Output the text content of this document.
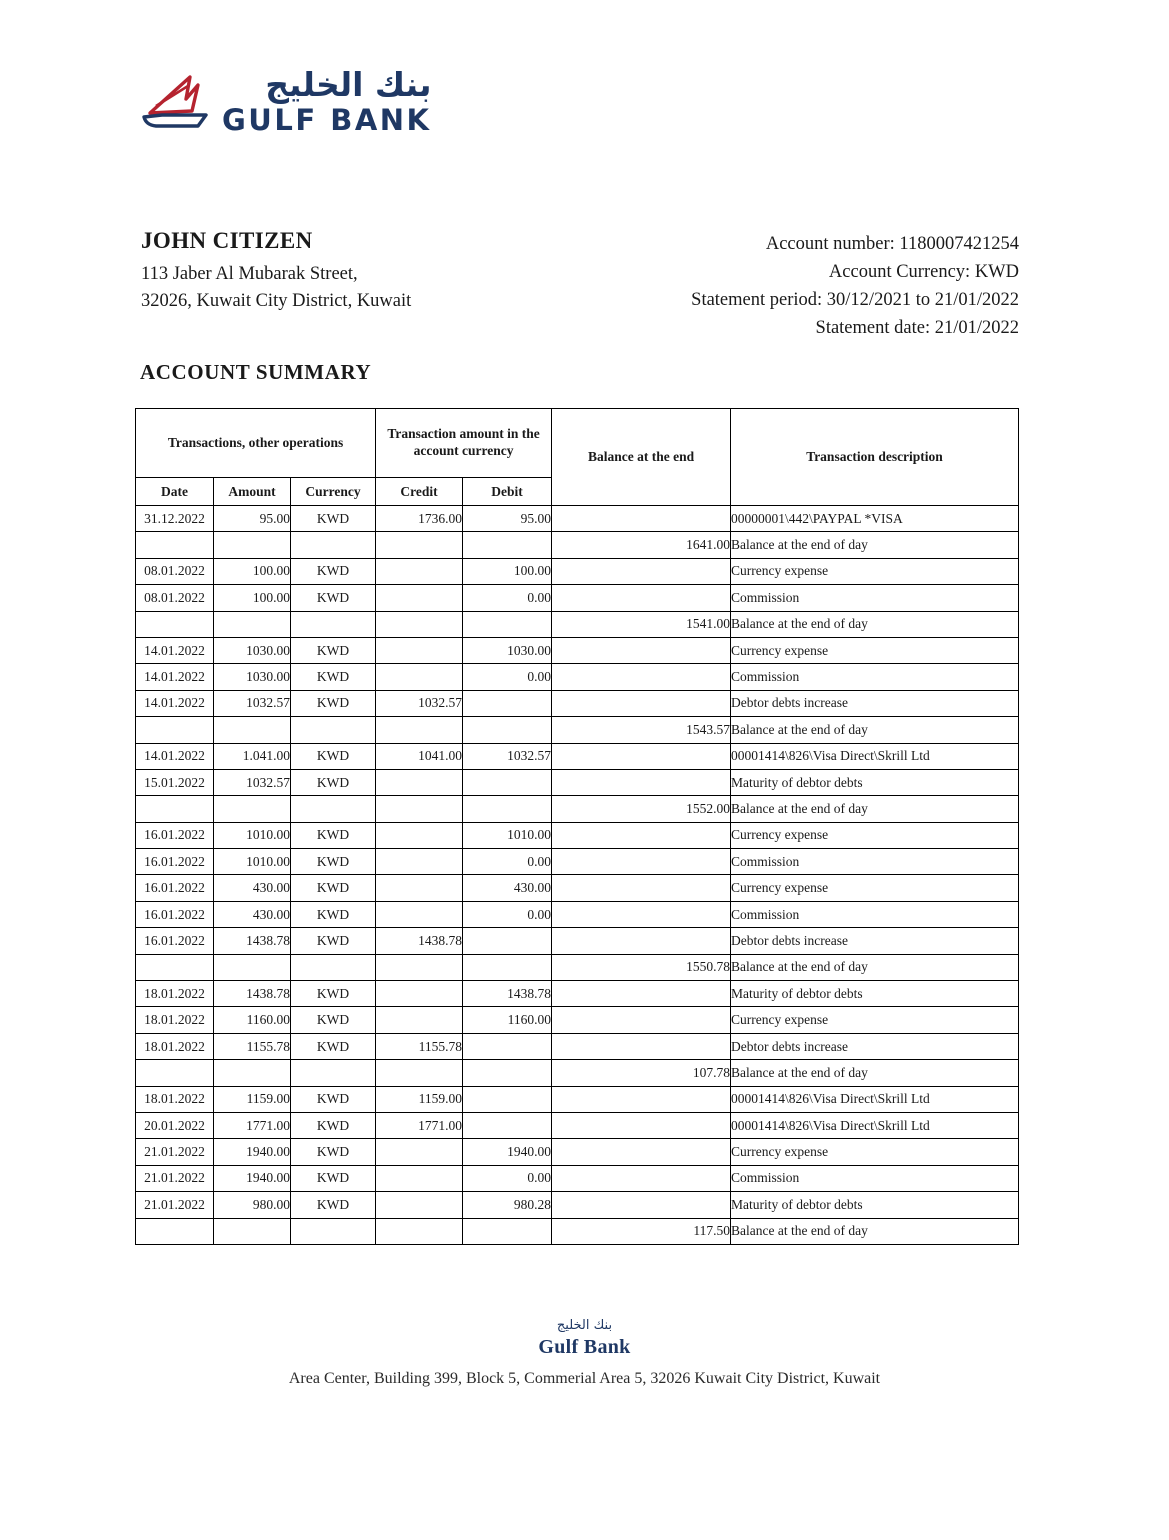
بنك الخليج
GULF BANK
JOHN CITIZEN
113 Jaber Al Mubarak Street,
32026, Kuwait City District, Kuwait
Account number: 1180007421254
Account Currency: KWD
Statement period: 30/12/2021 to 21/01/2022
Statement date: 21/01/2022
ACCOUNT SUMMARY
Transactions, other operations			Transaction amount in the account currency		Balance at the end	Transaction description
Date	Amount	Currency	Credit	Debit		
31.12.2022	95.00	KWD	1736.00	95.00		00000001\442\PAYPAL *VISA
					1641.00	Balance at the end of day
08.01.2022	100.00	KWD		100.00		Currency expense
08.01.2022	100.00	KWD		0.00		Commission
					1541.00	Balance at the end of day
14.01.2022	1030.00	KWD		1030.00		Currency expense
14.01.2022	1030.00	KWD		0.00		Commission
14.01.2022	1032.57	KWD	1032.57			Debtor debts increase
					1543.57	Balance at the end of day
14.01.2022	1.041.00	KWD	1041.00	1032.57		00001414\826\Visa Direct\Skrill Ltd
15.01.2022	1032.57	KWD				Maturity of debtor debts
					1552.00	Balance at the end of day
16.01.2022	1010.00	KWD		1010.00		Currency expense
16.01.2022	1010.00	KWD		0.00		Commission
16.01.2022	430.00	KWD		430.00		Currency expense
16.01.2022	430.00	KWD		0.00		Commission
16.01.2022	1438.78	KWD	1438.78			Debtor debts increase
					1550.78	Balance at the end of day
18.01.2022	1438.78	KWD		1438.78		Maturity of debtor debts
18.01.2022	1160.00	KWD		1160.00		Currency expense
18.01.2022	1155.78	KWD	1155.78			Debtor debts increase
					107.78	Balance at the end of day
18.01.2022	1159.00	KWD	1159.00			00001414\826\Visa Direct\Skrill Ltd
20.01.2022	1771.00	KWD	1771.00			00001414\826\Visa Direct\Skrill Ltd
21.01.2022	1940.00	KWD		1940.00		Currency expense
21.01.2022	1940.00	KWD		0.00		Commission
21.01.2022	980.00	KWD		980.28		Maturity of debtor debts
					117.50	Balance at the end of day
بنك الخليج
Gulf Bank
Area Center, Building 399, Block 5, Commerial Area 5, 32026 Kuwait City District, Kuwait
